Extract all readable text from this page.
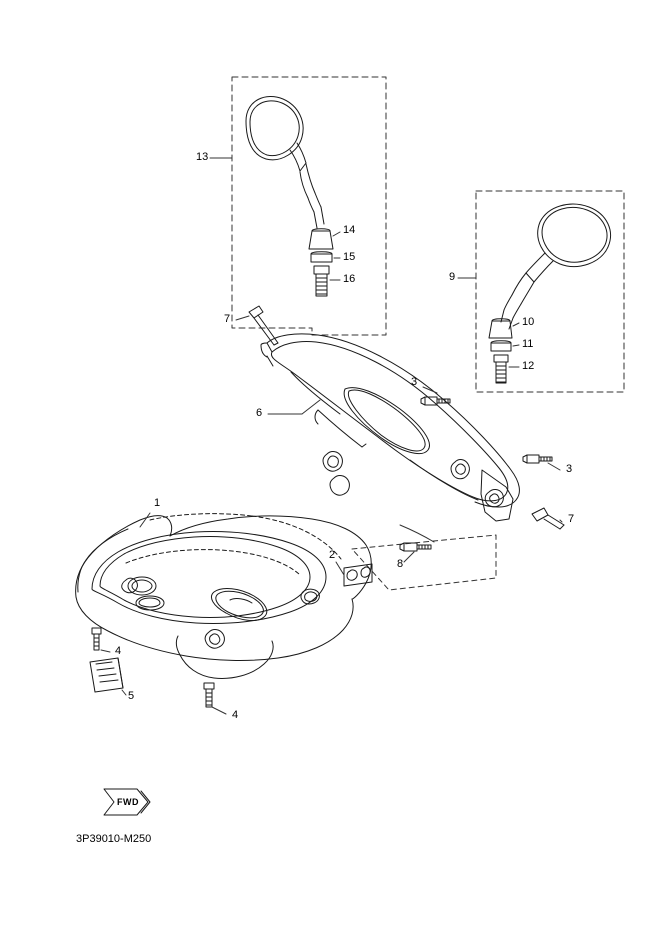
13
14
15
16	9
10
11
12
7
3
6
3
7
1
2
8
4
5
4
FWD
3P39010-M250
